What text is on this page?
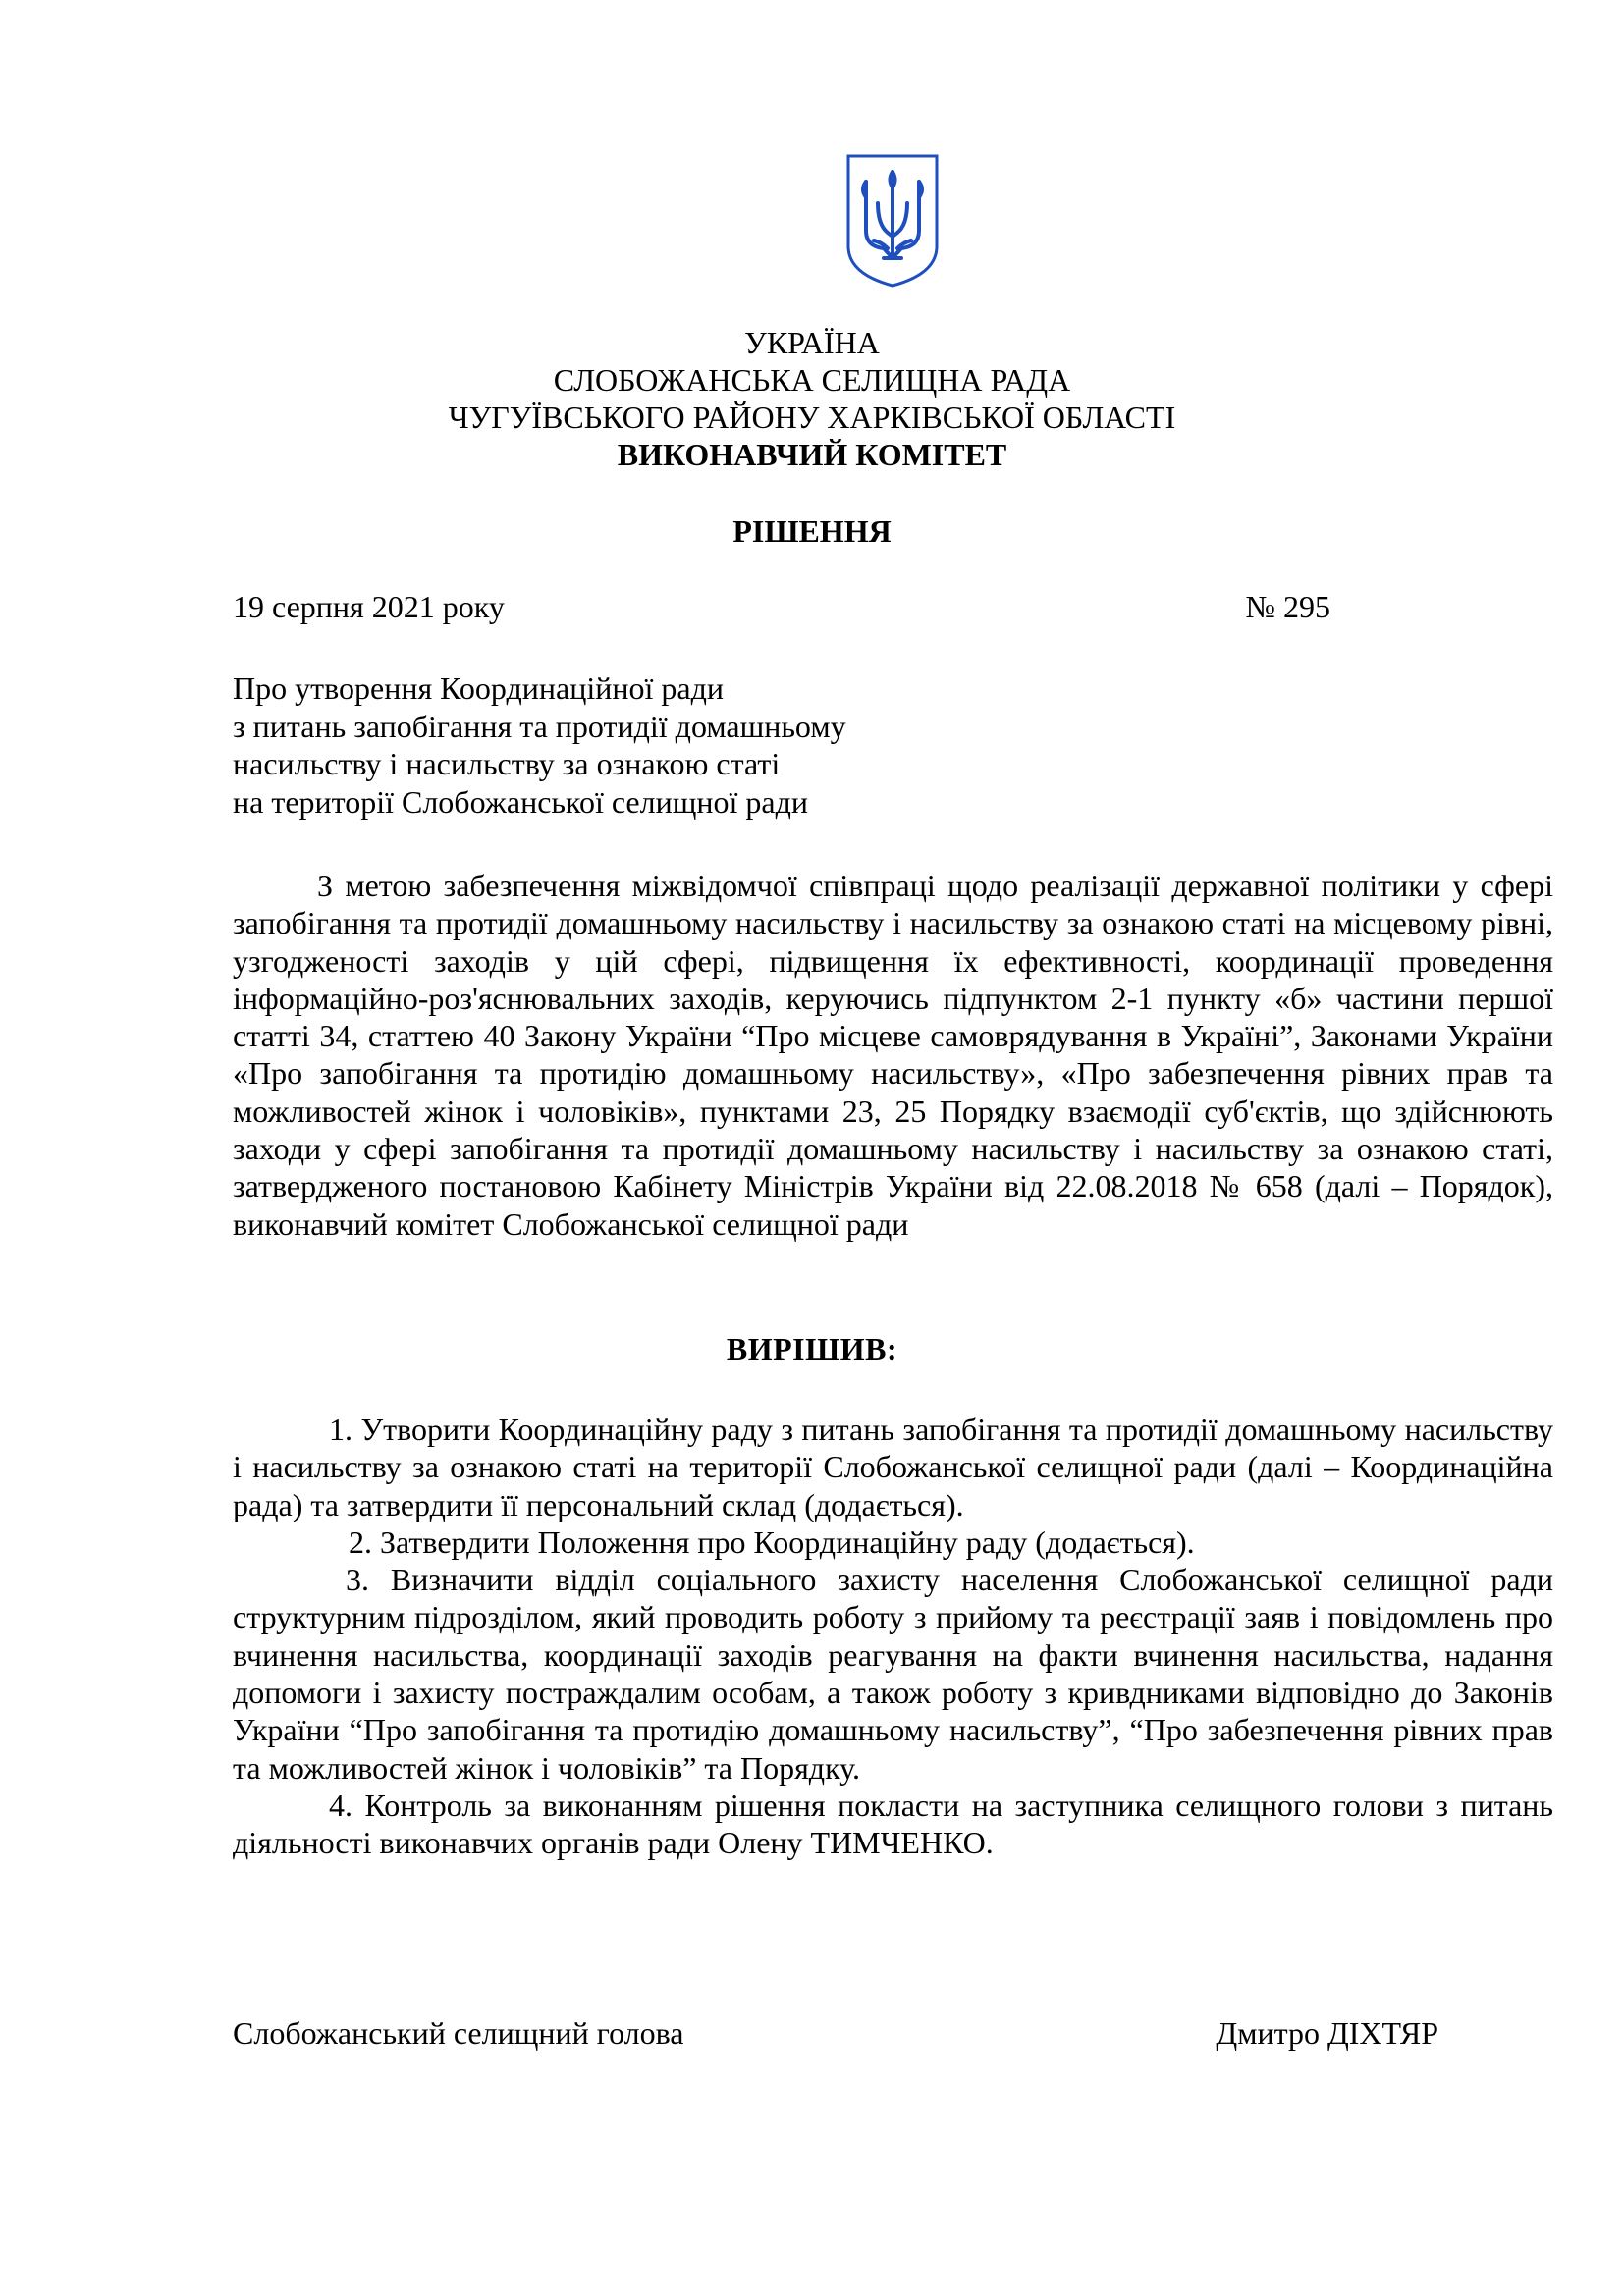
УКРАЇНА
СЛОБОЖАНСЬКА СЕЛИЩНА РАДА
ЧУГУЇВСЬКОГО РАЙОНУ ХАРКІВСЬКОЇ ОБЛАСТІ
ВИКОНАВЧИЙ КОМІТЕТ
РІШЕННЯ
19 серпня 2021 року	№ 295
Про утворення Координаційної ради
з питань запобігання та протидії домашньому
насильству і насильству за ознакою статі
на території Слобожанської селищної ради

З метою забезпечення міжвідомчої співпраці щодо реалізації державної політики у сфері запобігання та протидії домашньому насильству і насильству за ознакою статі на місцевому рівні, узгодженості заходів у цій сфері, підвищення їх ефективності, координації проведення інформаційно-роз'яснювальних заходів, керуючись підпунктом 2-1 пункту «б» частини першої статті 34, статтею 40 Закону України “Про місцеве самоврядування в Україні”, Законами України «Про запобігання та протидію домашньому насильству», «Про забезпечення рівних прав та можливостей жінок і чоловіків», пунктами 23, 25 Порядку взаємодії суб'єктів, що здійснюють заходи у сфері запобігання та протидії домашньому насильству і насильству за ознакою статі, затвердженого постановою Кабінету Міністрів України від 22.08.2018 № 658 (далі – Порядок), виконавчий комітет Слобожанської селищної ради

ВИРІШИВ:

1. Утворити Координаційну раду з питань запобігання та протидії домашньому насильству і насильству за ознакою статі на території Слобожанської селищної ради (далі – Координаційна рада) та затвердити її персональний склад (додається).

2. Затвердити Положення про Координаційну раду (додається).

3. Визначити відділ соціального захисту населення Слобожанської селищної ради структурним підрозділом, який проводить роботу з прийому та реєстрації заяв і повідомлень про вчинення насильства, координації заходів реагування на факти вчинення насильства, надання допомоги і захисту постраждалим особам, а також роботу з кривдниками відповідно до Законів України “Про запобігання та протидію домашньому насильству”, “Про забезпечення рівних прав та можливостей жінок і чоловіків” та Порядку.

4. Контроль за виконанням рішення покласти на заступника селищного голови з питань діяльності виконавчих органів ради Олену ТИМЧЕНКО.

Слобожанський селищний голова	Дмитро ДІХТЯР
